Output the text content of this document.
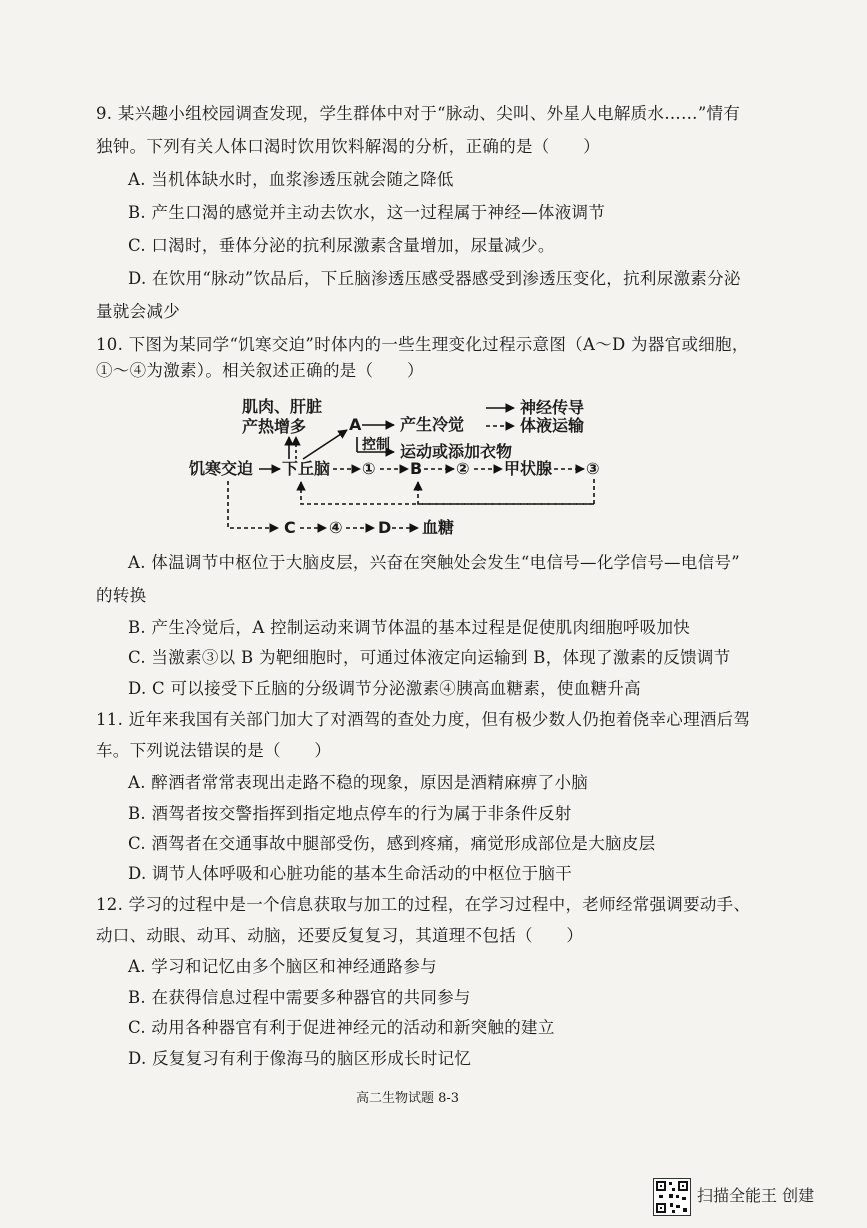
9. 某兴趣小组校园调查发现，学生群体中对于“脉动、尖叫、外星人电解质水……”情有
独钟。下列有关人体口渴时饮用饮料解渴的分析，正确的是（　　）
A. 当机体缺水时，血浆渗透压就会随之降低
B. 产生口渴的感觉并主动去饮水，这一过程属于神经—体液调节
C. 口渴时，垂体分泌的抗利尿激素含量增加，尿量减少。
D. 在饮用“脉动”饮品后，下丘脑渗透压感受器感受到渗透压变化，抗利尿激素分泌
量就会减少
10. 下图为某同学“饥寒交迫”时体内的一些生理变化过程示意图（A～D 为器官或细胞，
①～④为激素）。相关叙述正确的是（　　）
肌肉、肝脏
产热增多	A 产生冷觉
控制 运动或添加衣物
神经传导
体液运输
饥寒交迫 下丘脑 ① B ② 甲状腺 ③
C ④ D 血糖
A. 体温调节中枢位于大脑皮层，兴奋在突触处会发生“电信号—化学信号—电信号”
的转换
B. 产生冷觉后，A 控制运动来调节体温的基本过程是促使肌肉细胞呼吸加快
C. 当激素③以 B 为靶细胞时，可通过体液定向运输到 B，体现了激素的反馈调节
D. C 可以接受下丘脑的分级调节分泌激素④胰高血糖素，使血糖升高
11. 近年来我国有关部门加大了对酒驾的查处力度，但有极少数人仍抱着侥幸心理酒后驾
车。下列说法错误的是（　　）
A. 醉酒者常常表现出走路不稳的现象，原因是酒精麻痹了小脑
B. 酒驾者按交警指挥到指定地点停车的行为属于非条件反射
C. 酒驾者在交通事故中腿部受伤，感到疼痛，痛觉形成部位是大脑皮层
D. 调节人体呼吸和心脏功能的基本生命活动的中枢位于脑干
12. 学习的过程中是一个信息获取与加工的过程，在学习过程中，老师经常强调要动手、
动口、动眼、动耳、动脑，还要反复复习，其道理不包括（　　）
A. 学习和记忆由多个脑区和神经通路参与
B. 在获得信息过程中需要多种器官的共同参与
C. 动用各种器官有利于促进神经元的活动和新突触的建立
D. 反复复习有利于像海马的脑区形成长时记忆
高二生物试题 8-3
扫描全能王 创建
